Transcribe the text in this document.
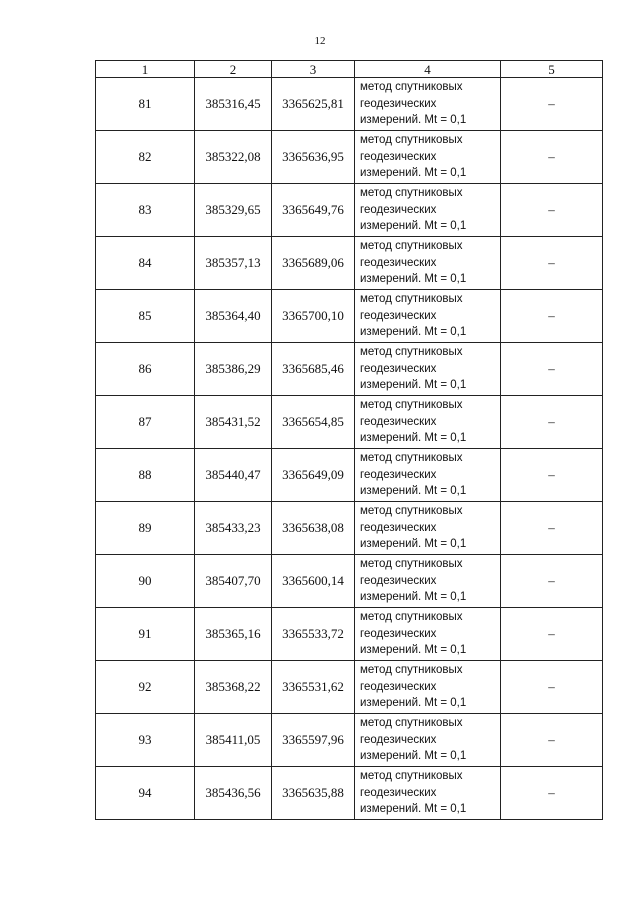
12
1	2	3	4	5
81	385316,45	3365625,81	метод спутниковых
геодезических
измерений. Mt = 0,1	–
82	385322,08	3365636,95	метод спутниковых
геодезических
измерений. Mt = 0,1	–
83	385329,65	3365649,76	метод спутниковых
геодезических
измерений. Mt = 0,1	–
84	385357,13	3365689,06	метод спутниковых
геодезических
измерений. Mt = 0,1	–
85	385364,40	3365700,10	метод спутниковых
геодезических
измерений. Mt = 0,1	–
86	385386,29	3365685,46	метод спутниковых
геодезических
измерений. Mt = 0,1	–
87	385431,52	3365654,85	метод спутниковых
геодезических
измерений. Mt = 0,1	–
88	385440,47	3365649,09	метод спутниковых
геодезических
измерений. Mt = 0,1	–
89	385433,23	3365638,08	метод спутниковых
геодезических
измерений. Mt = 0,1	–
90	385407,70	3365600,14	метод спутниковых
геодезических
измерений. Mt = 0,1	–
91	385365,16	3365533,72	метод спутниковых
геодезических
измерений. Mt = 0,1	–
92	385368,22	3365531,62	метод спутниковых
геодезических
измерений. Mt = 0,1	–
93	385411,05	3365597,96	метод спутниковых
геодезических
измерений. Mt = 0,1	–
94	385436,56	3365635,88	метод спутниковых
геодезических
измерений. Mt = 0,1	–
